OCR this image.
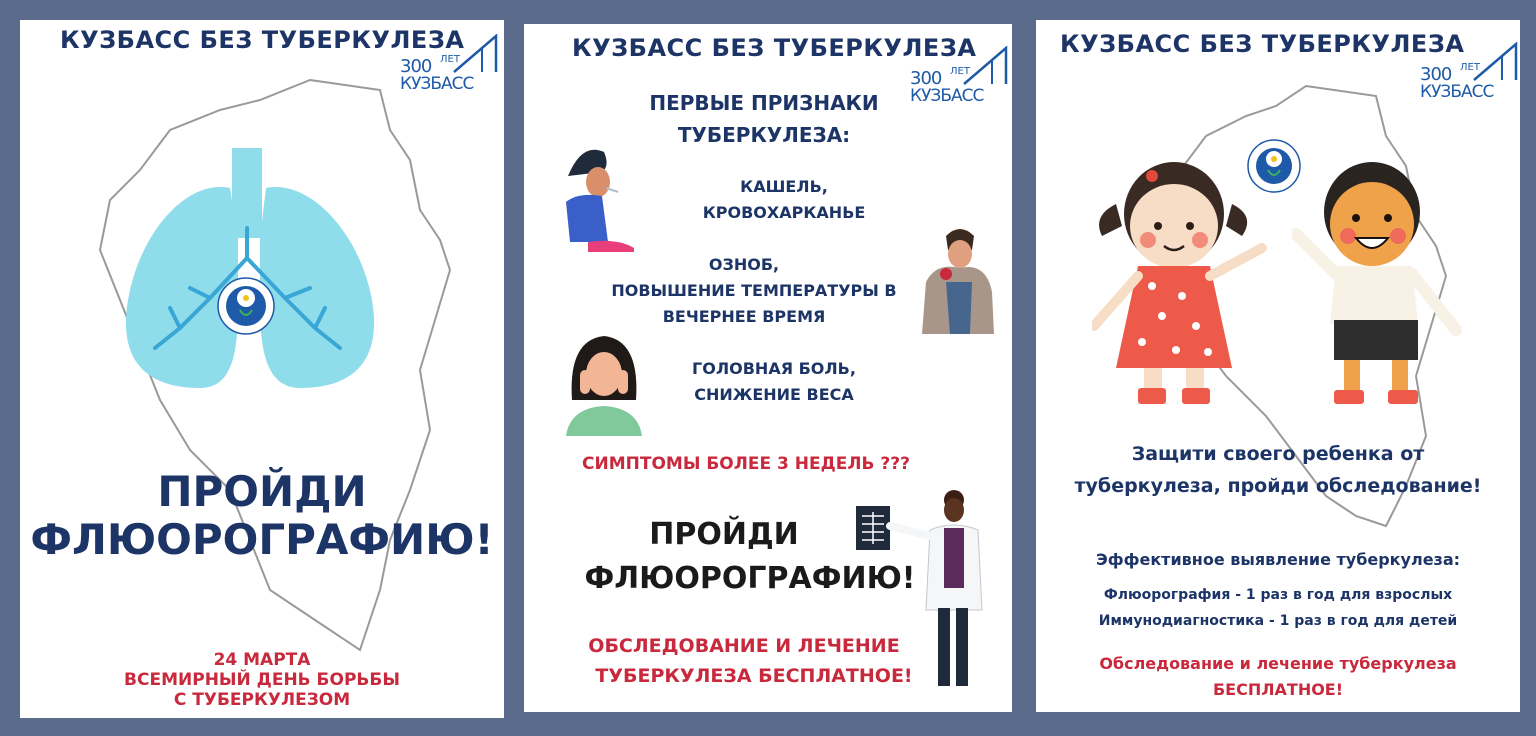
КУЗБАСС БЕЗ ТУБЕРКУЛЕЗА
300 ЛЕТ
КУЗБАСС
ПРОЙДИ
ФЛЮОРОГРАФИЮ!
24 МАРТА
ВСЕМИРНЫЙ ДЕНЬ БОРЬБЫ
С ТУБЕРКУЛЕЗОМ
КУЗБАСС БЕЗ ТУБЕРКУЛЕЗА
300 ЛЕТ
КУЗБАСС
ПЕРВЫЕ ПРИЗНАКИ
ТУБЕРКУЛЕЗА:
КАШЕЛЬ,
КРОВОХАРКАНЬЕ
ОЗНОБ,
ПОВЫШЕНИЕ ТЕМПЕРАТУРЫ В
ВЕЧЕРНЕЕ ВРЕМЯ
ГОЛОВНАЯ БОЛЬ,
СНИЖЕНИЕ ВЕСА
СИМПТОМЫ БОЛЕЕ 3 НЕДЕЛЬ ???
ПРОЙДИ
ФЛЮОРОГРАФИЮ!
ОБСЛЕДОВАНИЕ И ЛЕЧЕНИЕ
ТУБЕРКУЛЕЗА БЕСПЛАТНОЕ!
КУЗБАСС БЕЗ ТУБЕРКУЛЕЗА
300 ЛЕТ
КУЗБАСС
Защити своего ребенка от
туберкулеза, пройди обследование!
Эффективное выявление туберкулеза:
Флюорография - 1 раз в год для взрослых
Иммунодиагностика - 1 раз в год для детей
Обследование и лечение туберкулеза
БЕСПЛАТНОЕ!
